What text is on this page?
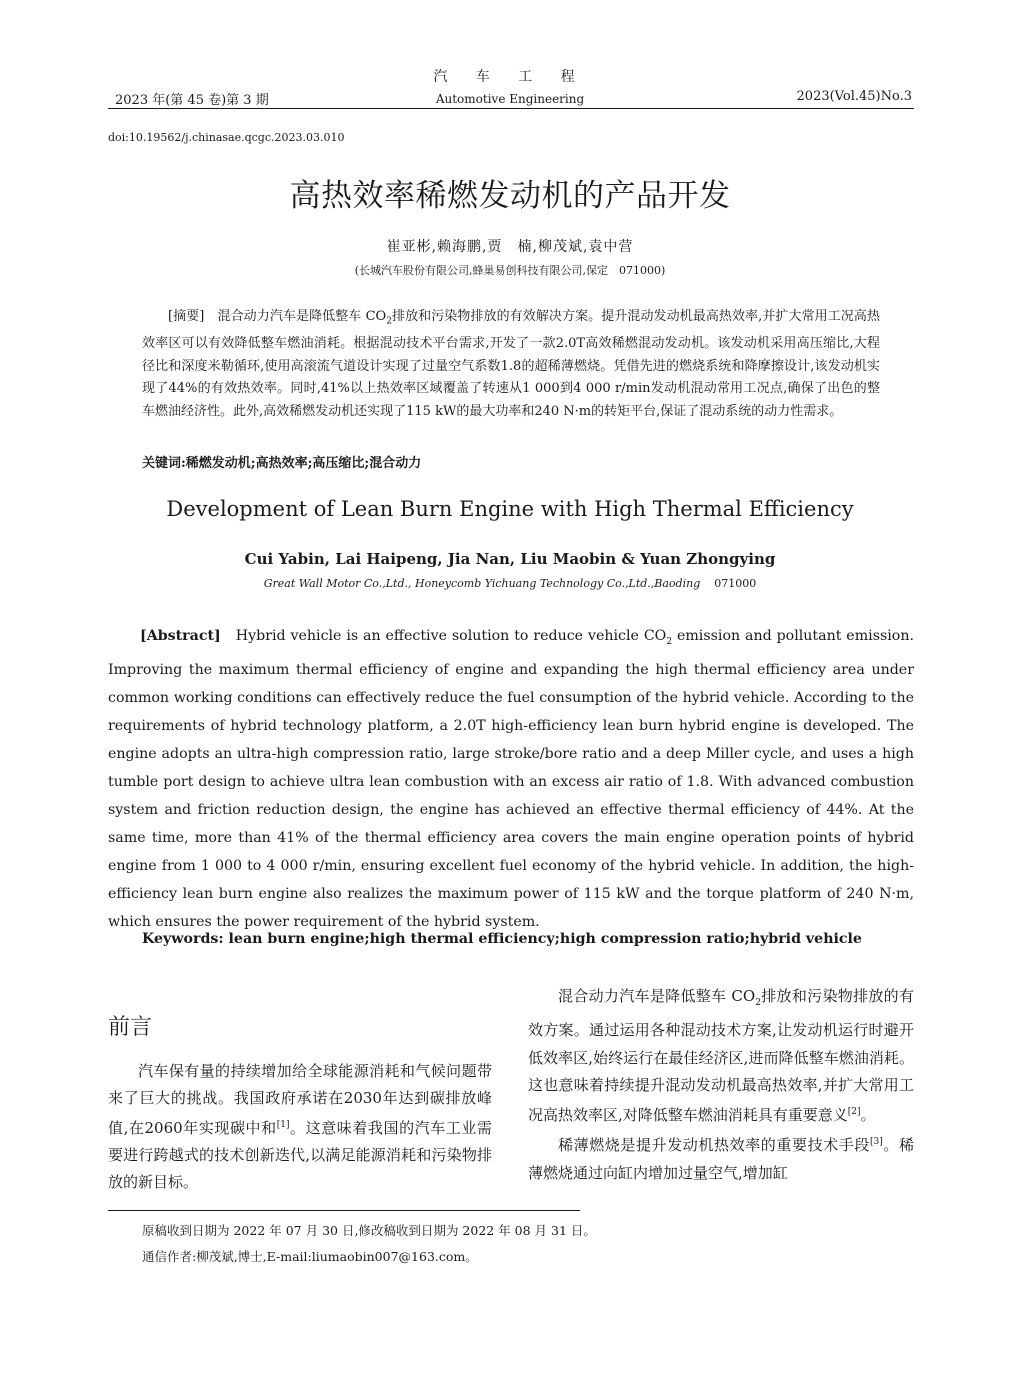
汽 车 工 程
2023 年(第 45 卷)第 3 期	Automotive Engineering	2023(Vol.45)No.3
doi:10.19562/j.chinasae.qcgc.2023.03.010
高热效率稀燃发动机的产品开发
崔亚彬,赖海鹏,贾　楠,柳茂斌,袁中营
(长城汽车股份有限公司,蜂巢易创科技有限公司,保定　071000)
[摘要]　 混合动力汽车是降低整车 $CO_2$排放和污染物排放的有效解决方案。提升混动发动机最高热效率,并扩大常用工况高热效率区可以有效降低整车燃油消耗。根据混动技术平台需求,开发了一款2.0T高效稀燃混动发动机。该发动机采用高压缩比,大程径比和深度米勒循环,使用高滚流气道设计实现了过量空气系数1.8的超稀薄燃烧。凭借先进的燃烧系统和降摩擦设计,该发动机实现了44%的有效热效率。同时,41%以上热效率区域覆盖了转速从1 000到4 000 r/min发动机混动常用工况点,确保了出色的整车燃油经济性。此外,高效稀燃发动机还实现了115 kW的最大功率和240 N·m的转矩平台,保证了混动系统的动力性需求。
关键词:稀燃发动机;高热效率;高压缩比;混合动力
Development of Lean Burn Engine with High Thermal Efficiency
Cui Yabin, Lai Haipeng, Jia Nan, Liu Maobin & Yuan Zhongying
Great Wall Motor Co.,Ltd., Honeycomb Yichuang Technology Co.,Ltd.,Baoding 071000
[Abstract]　 Hybrid vehicle is an effective solution to reduce vehicle $CO_2$ emission and pollutant emission. Improving the maximum thermal efficiency of engine and expanding the high thermal efficiency area under common working conditions can effectively reduce the fuel consumption of the hybrid vehicle. According to the requirements of hybrid technology platform, a 2.0T high-efficiency lean burn hybrid engine is developed. The engine adopts an ultra-high compression ratio, large stroke/bore ratio and a deep Miller cycle, and uses a high tumble port design to achieve ultra lean combustion with an excess air ratio of 1.8. With advanced combustion system and friction reduction design, the engine has achieved an effective thermal efficiency of 44%. At the same time, more than 41% of the thermal efficiency area covers the main engine operation points of hybrid engine from 1 000 to 4 000 r/min, ensuring excellent fuel economy of the hybrid vehicle. In addition, the high-efficiency lean burn engine also realizes the maximum power of 115 kW and the torque platform of 240 N·m, which ensures the power requirement of the hybrid system.
Keywords: lean burn engine;high thermal efficiency;high compression ratio;hybrid vehicle
前言

汽车保有量的持续增加给全球能源消耗和气候问题带来了巨大的挑战。我国政府承诺在2030年达到碳排放峰值,在2060年实现碳中和[1]。这意味着我国的汽车工业需要进行跨越式的技术创新迭代,以满足能源消耗和污染物排放的新目标。

混合动力汽车是降低整车 $CO_2$排放和污染物排放的有效方案。通过运用各种混动技术方案,让发动机运行时避开低效率区,始终运行在最佳经济区,进而降低整车燃油消耗。这也意味着持续提升混动发动机最高热效率,并扩大常用工况高热效率区,对降低整车燃油消耗具有重要意义[2]。

稀薄燃烧是提升发动机热效率的重要技术手段[3]。稀薄燃烧通过向缸内增加过量空气,增加缸

原稿收到日期为 2022 年 07 月 30 日,修改稿收到日期为 2022 年 08 月 31 日。
通信作者:柳茂斌,博士,E-mail:liumaobin007@163.com。
